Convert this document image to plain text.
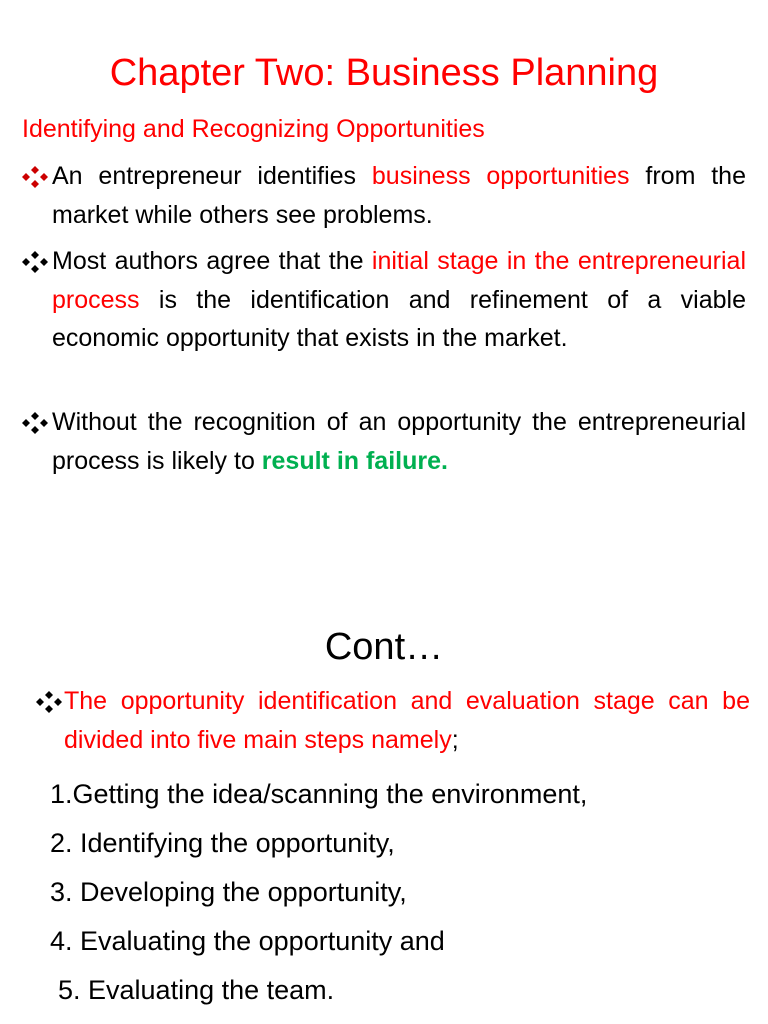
Chapter Two: Business Planning
Identifying and Recognizing Opportunities
An entrepreneur identifies business opportunities from the market while others see problems.
Most authors agree that the initial stage in the entrepreneurial process is the identification and refinement of a viable economic opportunity that exists in the market.
Without the recognition of an opportunity the entrepreneurial process is likely to result in failure.
Cont…
The opportunity identification and evaluation stage can be divided into five main steps namely;
1.Getting the idea/scanning the environment,
2. Identifying the opportunity,
3. Developing the opportunity,
4. Evaluating the opportunity and
5. Evaluating the team.
